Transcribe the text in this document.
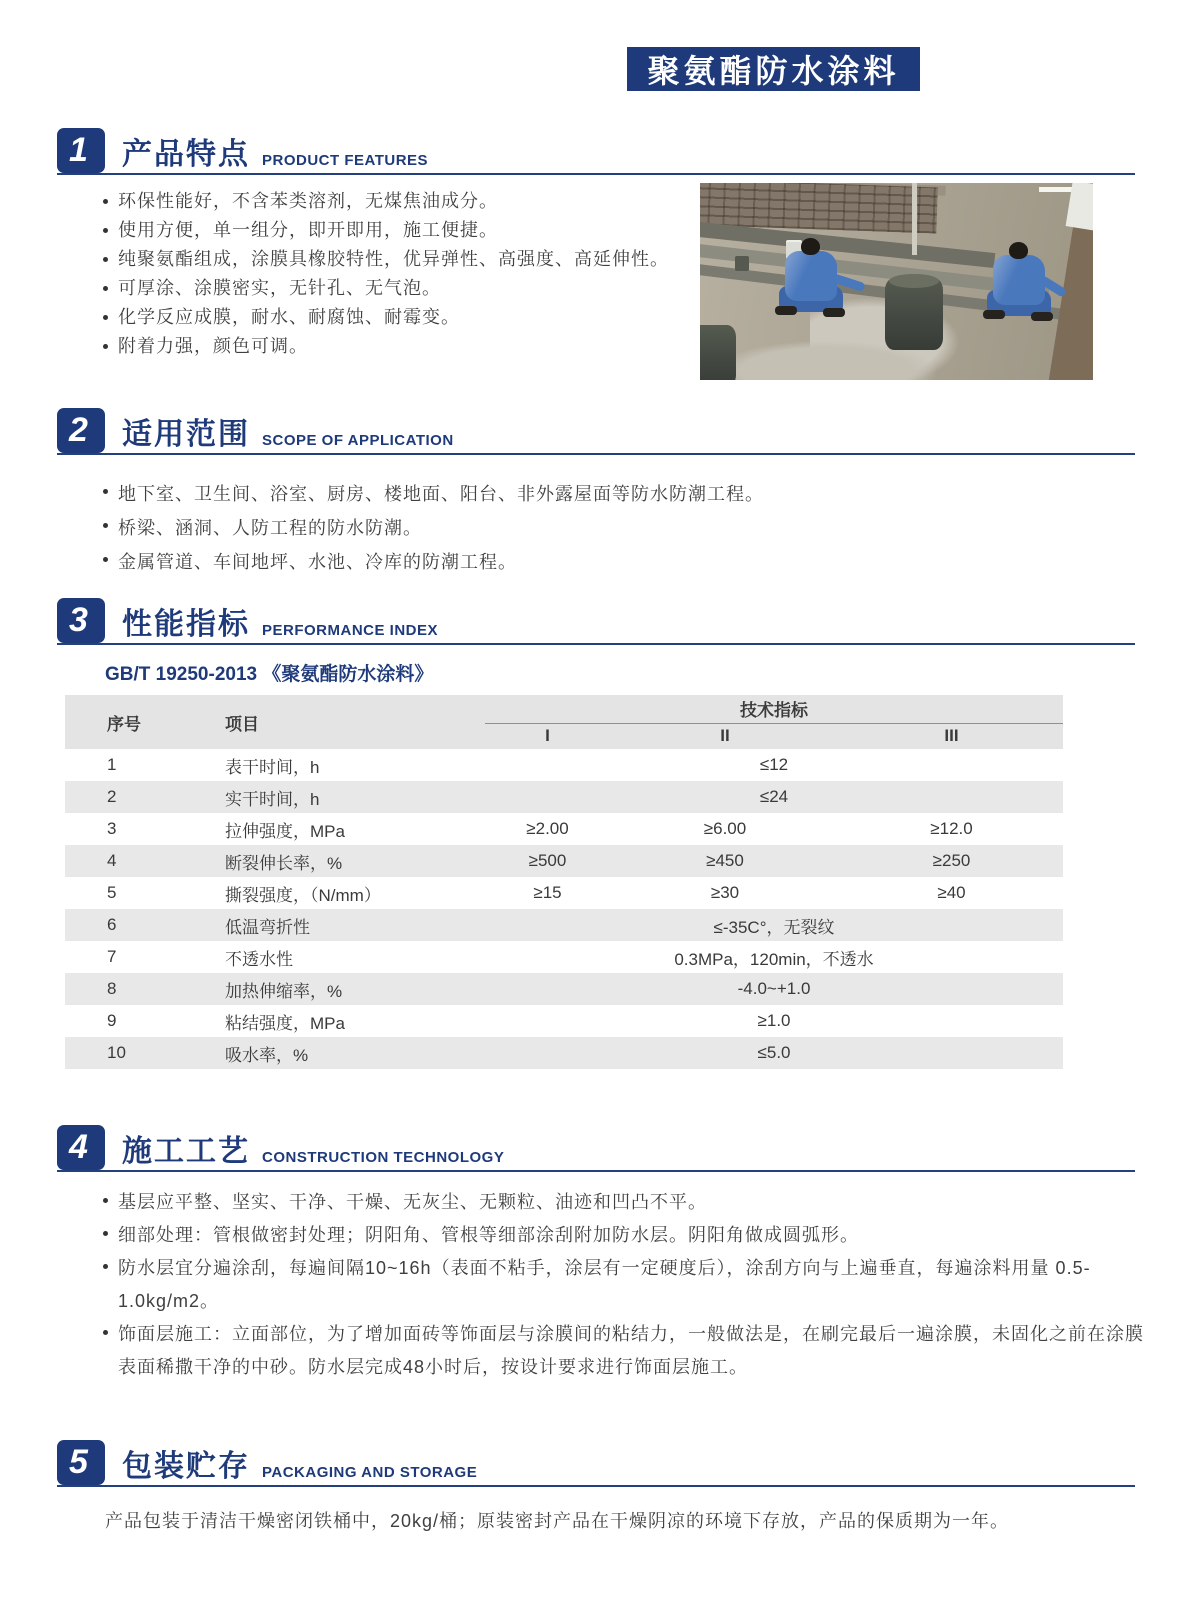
聚氨酯防水涂料
1	产品特点 PRODUCT FEATURES
环保性能好，不含苯类溶剂，无煤焦油成分。
使用方便，单一组分，即开即用，施工便捷。
纯聚氨酯组成，涂膜具橡胶特性，优异弹性、高强度、高延伸性。
可厚涂、涂膜密实，无针孔、无气泡。
化学反应成膜，耐水、耐腐蚀、耐霉变。
附着力强，颜色可调。
2	适用范围 SCOPE OF APPLICATION
地下室、卫生间、浴室、厨房、楼地面、阳台、非外露屋面等防水防潮工程。
桥梁、涵洞、人防工程的防水防潮。
金属管道、车间地坪、水池、冷库的防潮工程。
3	性能指标 PERFORMANCE INDEX
GB/T 19250-2013 《聚氨酯防水涂料》
序号	项目	技术指标		
		I	II	III
1	表干时间，h	≤12		
2	实干时间，h	≤24		
3	拉伸强度，MPa	≥2.00	≥6.00	≥12.0
4	断裂伸长率，%	≥500	≥450	≥250
5	撕裂强度，（N/mm）	≥15	≥30	≥40
6	低温弯折性	≤-35C°，无裂纹		
7	不透水性	0.3MPa，120min，不透水		
8	加热伸缩率，%	-4.0~+1.0		
9	粘结强度，MPa	≥1.0		
10	吸水率，%	≤5.0		
4	施工工艺 CONSTRUCTION TECHNOLOGY
基层应平整、坚实、干净、干燥、无灰尘、无颗粒、油迹和凹凸不平。
细部处理：管根做密封处理；阴阳角、管根等细部涂刮附加防水层。阴阳角做成圆弧形。
防水层宜分遍涂刮，每遍间隔10~16h（表面不粘手，涂层有一定硬度后），涂刮方向与上遍垂直，每遍涂料用量 0.5-1.0kg/m2。
饰面层施工：立面部位，为了增加面砖等饰面层与涂膜间的粘结力，一般做法是，在刷完最后一遍涂膜，未固化之前在涂膜表面稀撒干净的中砂。防水层完成48小时后，按设计要求进行饰面层施工。
5	包装贮存 PACKAGING AND STORAGE
产品包装于清洁干燥密闭铁桶中，20kg/桶；原装密封产品在干燥阴凉的环境下存放，产品的保质期为一年。
